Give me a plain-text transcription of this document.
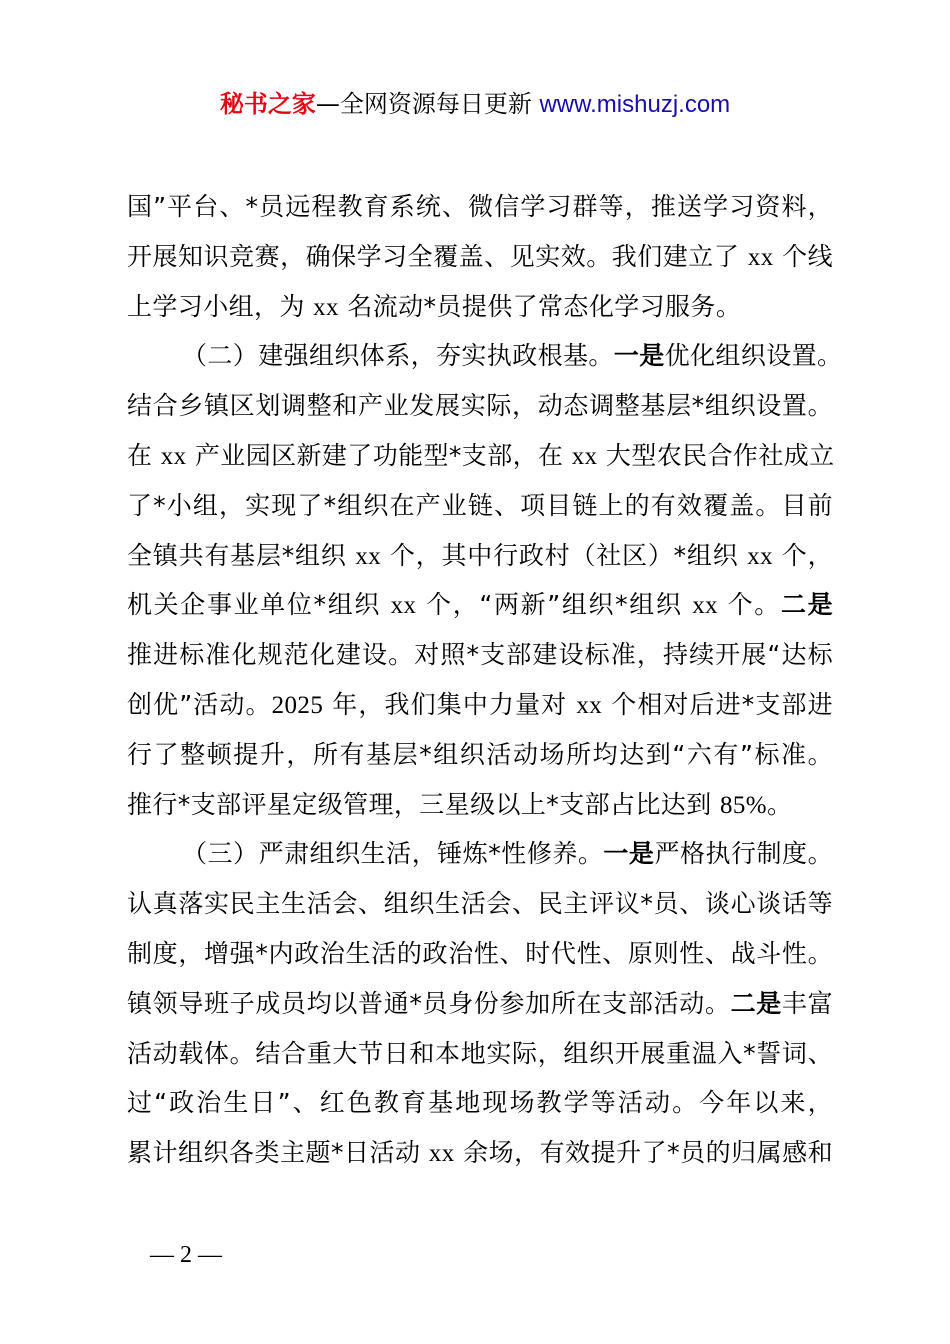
秘书之家—全网资源每日更新 www.mishuzj.com
国”平台、*员远程教育系统、微信学习群等，推送学习资料，
开展知识竞赛，确保学习全覆盖、见实效。我们建立了 xx 个线
上学习小组，为 xx 名流动*员提供了常态化学习服务。
（二）建强组织体系，夯实执政根基。一是优化组织设置。
结合乡镇区划调整和产业发展实际，动态调整基层*组织设置。
在 xx 产业园区新建了功能型*支部，在 xx 大型农民合作社成立
了*小组，实现了*组织在产业链、项目链上的有效覆盖。目前
全镇共有基层*组织 xx 个，其中行政村（社区）*组织 xx 个，
机关企事业单位*组织 xx 个，“两新”组织*组织 xx 个。二是
推进标准化规范化建设。对照*支部建设标准，持续开展“达标
创优”活动。2025 年，我们集中力量对 xx 个相对后进*支部进
行了整顿提升，所有基层*组织活动场所均达到“六有”标准。
推行*支部评星定级管理，三星级以上*支部占比达到 85%。
（三）严肃组织生活，锤炼*性修养。一是严格执行制度。
认真落实民主生活会、组织生活会、民主评议*员、谈心谈话等
制度，增强*内政治生活的政治性、时代性、原则性、战斗性。
镇领导班子成员均以普通*员身份参加所在支部活动。二是丰富
活动载体。结合重大节日和本地实际，组织开展重温入*誓词、
过“政治生日”、红色教育基地现场教学等活动。今年以来，
累计组织各类主题*日活动 xx 余场，有效提升了*员的归属感和
— 2 —
